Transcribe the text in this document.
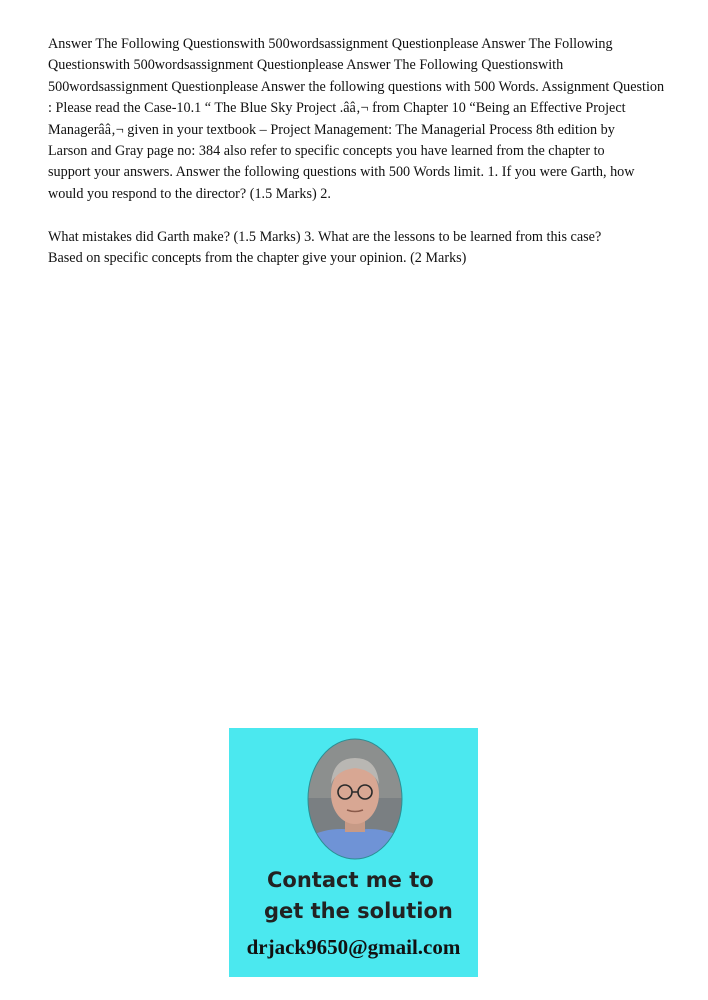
Answer The Following Questionswith 500wordsassignment Questionplease Answer The Following
Questionswith 500wordsassignment Questionplease Answer The Following Questionswith
500wordsassignment Questionplease Answer the following questions with 500 Words. Assignment Question
: Please read the Case-10.1 “ The Blue Sky Project .ââ‚¬ from Chapter 10 “Being an Effective Project
Managerââ‚¬ given in your textbook – Project Management: The Managerial Process 8th edition by
Larson and Gray page no: 384 also refer to specific concepts you have learned from the chapter to
support your answers. Answer the following questions with 500 Words limit. 1. If you were Garth, how
would you respond to the director? (1.5 Marks) 2.
What mistakes did Garth make? (1.5 Marks) 3. What are the lessons to be learned from this case?
Based on specific concepts from the chapter give your opinion. (2 Marks)
Contact me to
get the solution
drjack9650@gmail.com
